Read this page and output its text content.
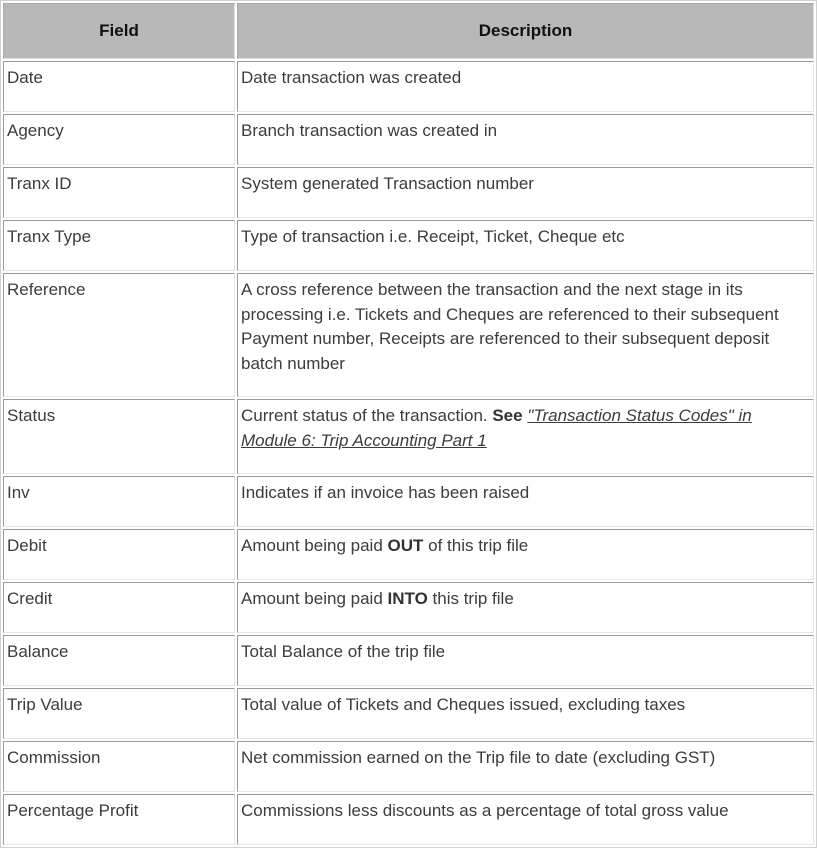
Field	Description
Date	Date transaction was created
Agency	Branch transaction was created in
Tranx ID	System generated Transaction number
Tranx Type	Type of transaction i.e. Receipt, Ticket, Cheque etc
Reference	A cross reference between the transaction and the next stage in its processing i.e. Tickets and Cheques are referenced to their subsequent Payment number, Receipts are referenced to their subsequent deposit batch number
Status	Current status of the transaction. See "Transaction Status Codes" in Module 6: Trip Accounting Part 1
Inv	Indicates if an invoice has been raised
Debit	Amount being paid OUT of this trip file
Credit	Amount being paid INTO this trip file
Balance	Total Balance of the trip file
Trip Value	Total value of Tickets and Cheques issued, excluding taxes
Commission	Net commission earned on the Trip file to date (excluding GST)
Percentage Profit	Commissions less discounts as a percentage of total gross value
